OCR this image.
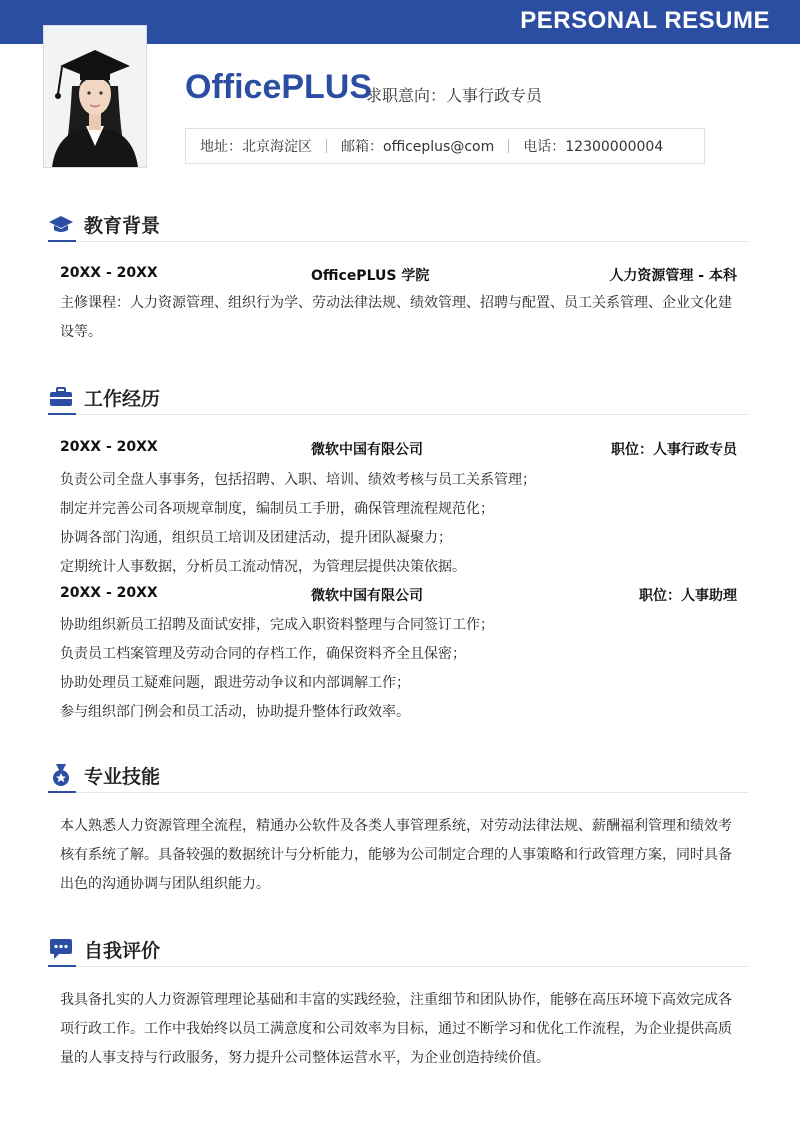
PERSONAL RESUME
OfficePLUS
求职意向：人事行政专员
地址：北京海淀区	邮箱：officeplus@com	电话：12300000004
教育背景
20XX - 20XX	OfficePLUS 学院	人力资源管理 - 本科
主修课程：人力资源管理、组织行为学、劳动法律法规、绩效管理、招聘与配置、员工关系管理、企业文化建设等。
工作经历
20XX - 20XX	微软中国有限公司	职位：人事行政专员
负责公司全盘人事事务，包括招聘、入职、培训、绩效考核与员工关系管理；
制定并完善公司各项规章制度，编制员工手册，确保管理流程规范化；
协调各部门沟通，组织员工培训及团建活动，提升团队凝聚力；
定期统计人事数据，分析员工流动情况，为管理层提供决策依据。
20XX - 20XX	微软中国有限公司	职位：人事助理
协助组织新员工招聘及面试安排，完成入职资料整理与合同签订工作；
负责员工档案管理及劳动合同的存档工作，确保资料齐全且保密；
协助处理员工疑难问题，跟进劳动争议和内部调解工作；
参与组织部门例会和员工活动，协助提升整体行政效率。
专业技能
本人熟悉人力资源管理全流程，精通办公软件及各类人事管理系统，对劳动法律法规、薪酬福利管理和绩效考核有系统了解。具备较强的数据统计与分析能力，能够为公司制定合理的人事策略和行政管理方案，同时具备出色的沟通协调与团队组织能力。
自我评价
我具备扎实的人力资源管理理论基础和丰富的实践经验，注重细节和团队协作，能够在高压环境下高效完成各项行政工作。工作中我始终以员工满意度和公司效率为目标，通过不断学习和优化工作流程，为企业提供高质量的人事支持与行政服务，努力提升公司整体运营水平，为企业创造持续价值。
